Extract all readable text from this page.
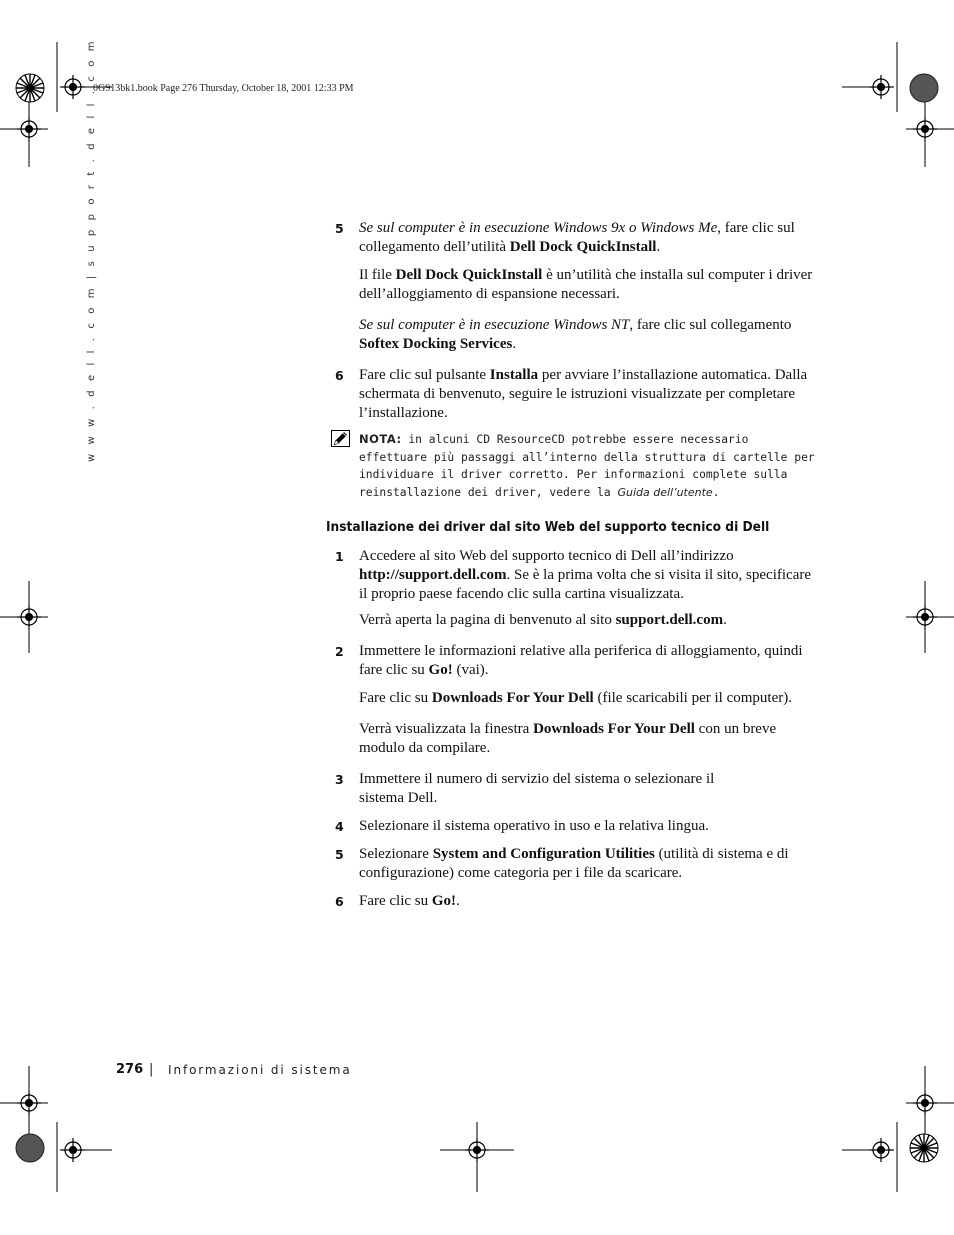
0G913bk1.book Page 276 Thursday, October 18, 2001 12:33 PM
w w w . d e l l . c o m | s u p p o r t . d e l l . c o m	5 Se sul computer è in esecuzione Windows 9x o Windows Me, fare clic sul collegamento dell’utilità Dell Dock QuickInstall.
Il file Dell Dock QuickInstall è un’utilità che installa sul computer i driver dell’alloggiamento di espansione necessari.
Se sul computer è in esecuzione Windows NT, fare clic sul collegamento Softex Docking Services.
6 Fare clic sul pulsante Installa per avviare l’installazione automatica. Dalla schermata di benvenuto, seguire le istruzioni visualizzate per completare l’installazione.
NOTA: in alcuni CD ResourceCD potrebbe essere necessario effettuare più passaggi all’interno della struttura di cartelle per individuare il driver corretto. Per informazioni complete sulla reinstallazione dei driver, vedere la Guida dell’utente.
Installazione dei driver dal sito Web del supporto tecnico di Dell
1 Accedere al sito Web del supporto tecnico di Dell all’indirizzo http://support.dell.com. Se è la prima volta che si visita il sito, specificare il proprio paese facendo clic sulla cartina visualizzata.
Verrà aperta la pagina di benvenuto al sito support.dell.com.
2 Immettere le informazioni relative alla periferica di alloggiamento, quindi fare clic su Go! (vai).
Fare clic su Downloads For Your Dell (file scaricabili per il computer).
Verrà visualizzata la finestra Downloads For Your Dell con un breve modulo da compilare.
3 Immettere il numero di servizio del sistema o selezionare il sistema Dell.
4 Selezionare il sistema operativo in uso e la relativa lingua.
5 Selezionare System and Configuration Utilities (utilità di sistema e di configurazione) come categoria per i file da scaricare.
6 Fare clic su Go!.
276 | Informazioni di sistema
